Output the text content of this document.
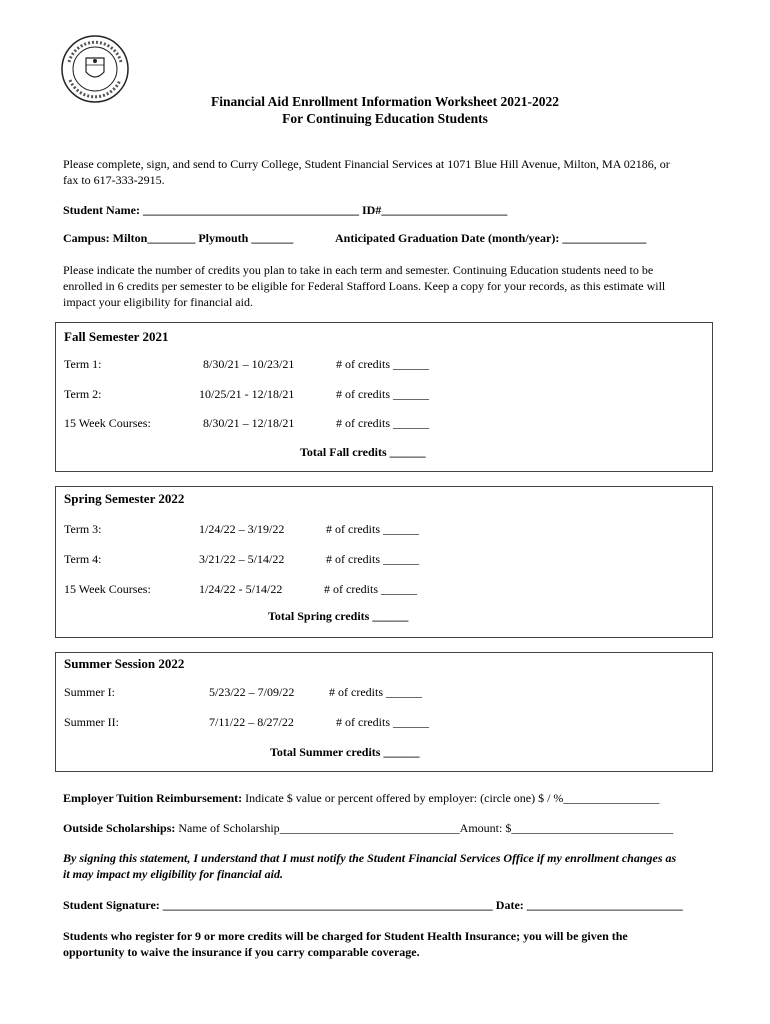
Financial Aid Enrollment Information Worksheet 2021-2022
For Continuing Education Students
Please complete, sign, and send to Curry College, Student Financial Services at 1071 Blue Hill Avenue, Milton, MA 02186, or
fax to 617-333-2915.
Student Name: ____________________________________ ID#_____________________
Campus: Milton________ Plymouth _______	Anticipated Graduation Date (month/year): ______________
Please indicate the number of credits you plan to take in each term and semester. Continuing Education students need to be
enrolled in 6 credits per semester to be eligible for Federal Stafford Loans. Keep a copy for your records, as this estimate will
impact your eligibility for financial aid.
Fall Semester 2021
Term 1:	8/30/21 – 10/23/21	# of credits ______
Term 2:	10/25/21 - 12/18/21	# of credits ______
15 Week Courses:	8/30/21 – 12/18/21	# of credits ______
Total Fall credits ______
Spring Semester 2022
Term 3:	1/24/22 – 3/19/22	# of credits ______
Term 4:	3/21/22 – 5/14/22	# of credits ______
15 Week Courses:	1/24/22 - 5/14/22	# of credits ______
Total Spring credits ______
Summer Session 2022
Summer I:	5/23/22 – 7/09/22	# of credits ______
Summer II:	7/11/22 – 8/27/22	# of credits ______
Total Summer credits ______
Employer Tuition Reimbursement: Indicate $ value or percent offered by employer: (circle one) $ / %________________
Outside Scholarships: Name of Scholarship______________________________Amount: $___________________________
By signing this statement, I understand that I must notify the Student Financial Services Office if my enrollment changes as
it may impact my eligibility for financial aid.
Student Signature: _______________________________________________________ Date: __________________________
Students who register for 9 or more credits will be charged for Student Health Insurance; you will be given the
opportunity to waive the insurance if you carry comparable coverage.
